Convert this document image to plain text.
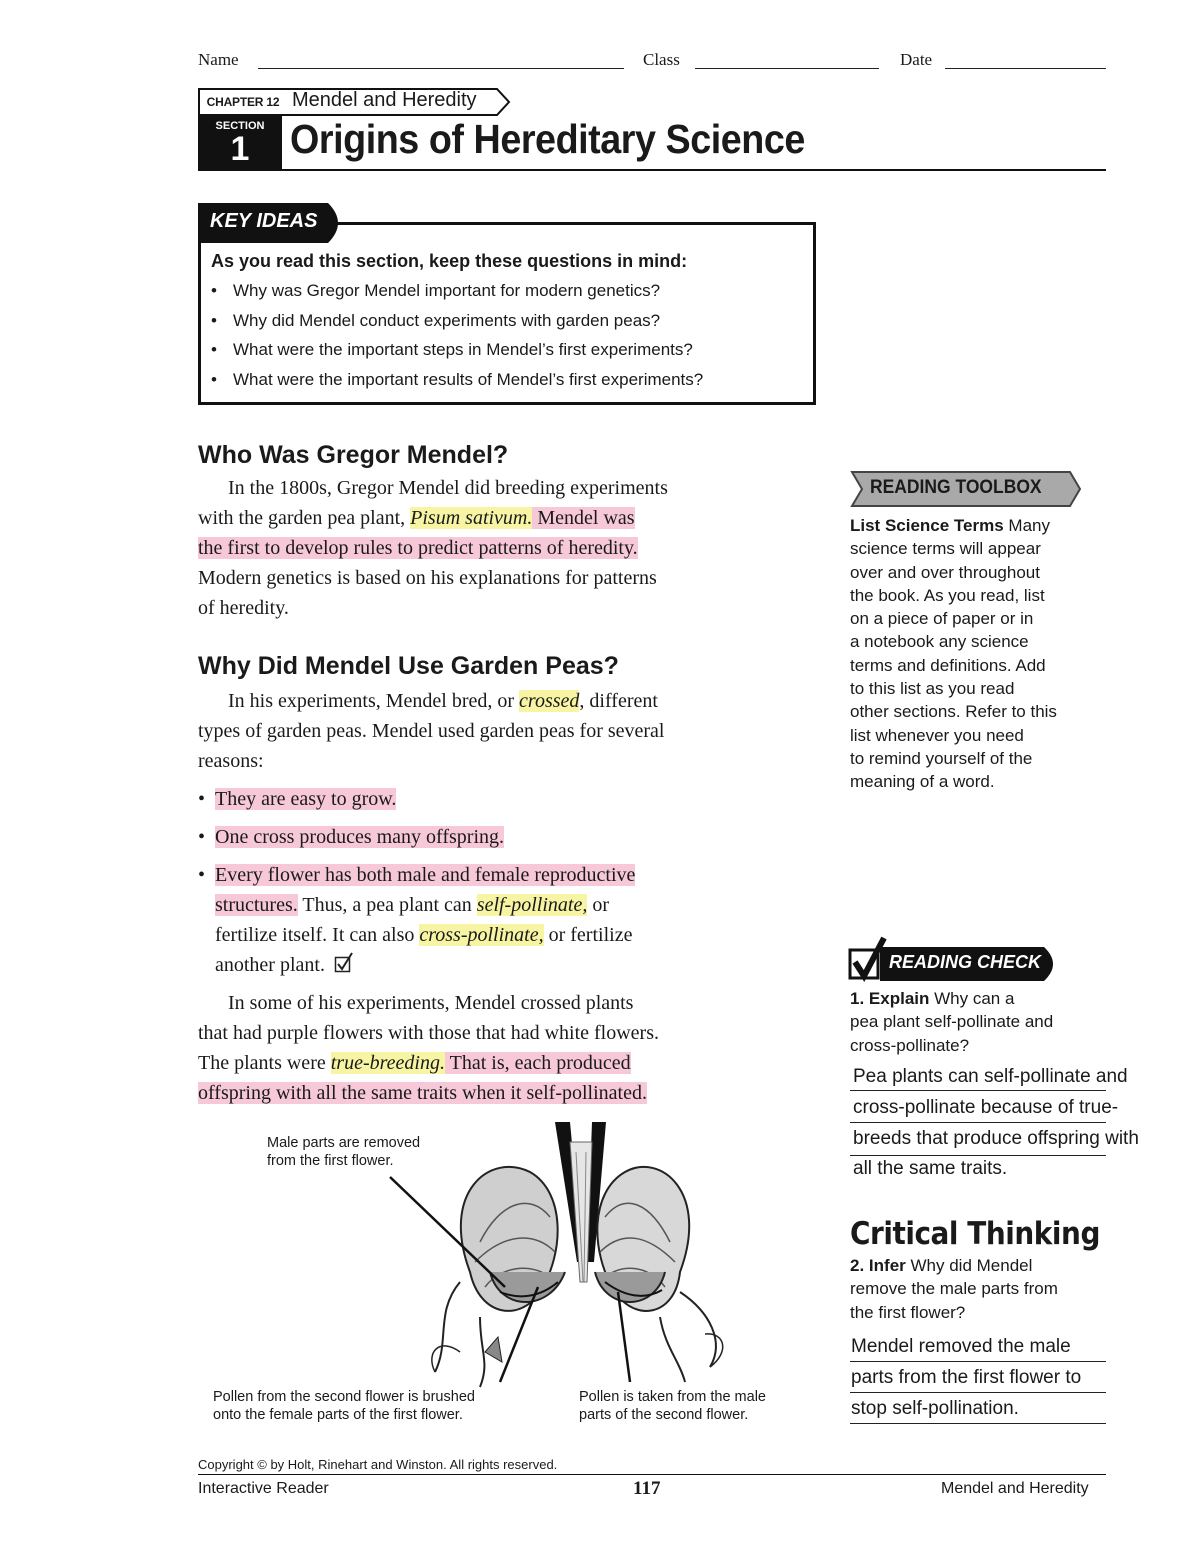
Name	Class	Date
CHAPTER 12 Mendel and Heredity
SECTION
1 Origins of Hereditary Science
KEY IDEAS
As you read this section, keep these questions in mind:
• Why was Gregor Mendel important for modern genetics?
• Why did Mendel conduct experiments with garden peas?
• What were the important steps in Mendel’s first experiments?
• What were the important results of Mendel’s first experiments?
Who Was Gregor Mendel?
In the 1800s, Gregor Mendel did breeding experiments
with the garden pea plant, Pisum sativum. Mendel was
the first to develop rules to predict patterns of heredity.
Modern genetics is based on his explanations for patterns
of heredity.
Why Did Mendel Use Garden Peas?
In his experiments, Mendel bred, or crossed, different
types of garden peas. Mendel used garden peas for several
reasons:
• They are easy to grow.
• One cross produces many offspring.
• Every flower has both male and female reproductive
structures. Thus, a pea plant can self-pollinate, or
fertilize itself. It can also cross-pollinate, or fertilize
another plant.
In some of his experiments, Mendel crossed plants
that had purple flowers with those that had white flowers.
The plants were true-breeding. That is, each produced
offspring with all the same traits when it self-pollinated.
Male parts are removed
from the first flower.
Pollen from the second flower is brushed
onto the female parts of the first flower.
Pollen is taken from the male
parts of the second flower.
READING TOOLBOX
List Science Terms Many
science terms will appear
over and over throughout
the book. As you read, list
on a piece of paper or in
a notebook any science
terms and definitions. Add
to this list as you read
other sections. Refer to this
list whenever you need
to remind yourself of the
meaning of a word.
READING CHECK
1. Explain Why can a
pea plant self-pollinate and
cross-pollinate?
Pea plants can self-pollinate and
cross-pollinate because of true-
breeds that produce offspring with
all the same traits.
Critical Thinking
2. Infer Why did Mendel
remove the male parts from
the first flower?
Mendel removed the male
parts from the first flower to
stop self-pollination.
Copyright © by Holt, Rinehart and Winston. All rights reserved.
Interactive Reader	117	Mendel and Heredity
